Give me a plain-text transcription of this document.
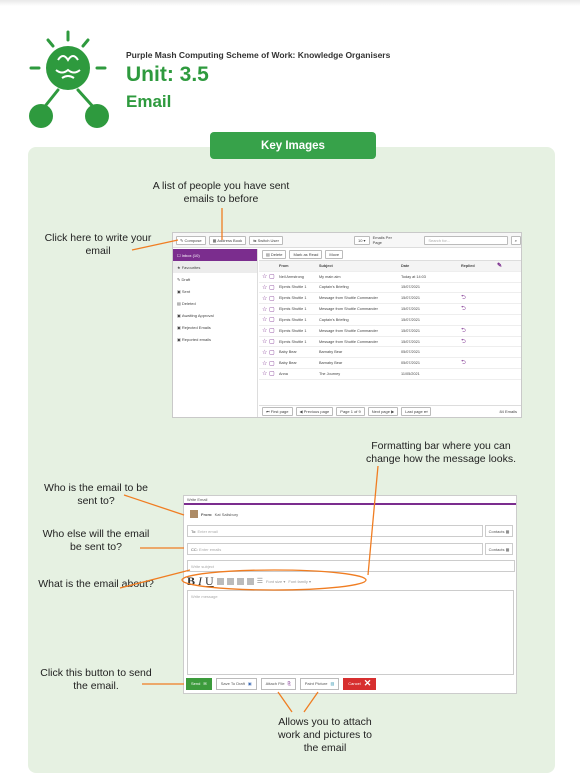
Purple Mash Computing Scheme of Work: Knowledge Organisers
Unit: 3.5
Email
Key Images
A list of people you have sent emails to before
Click here to write your email
Formatting bar where you can change how the message looks.
Who is the email to be sent to?
Who else will the email be sent to?
What is the email about?
Click this button to send the email.
Allows you to attach work and pictures to the email
✎ Compose	▦ Address Book	⇆ Switch User	10 ▾	Emails Per Page	Search for...	⌕
☐ Inbox (10)
★ Favourites
✎ Draft
▣ Sent
▤ Deleted
▣ Awaiting Approval
▣ Rejected Emails
▣ Reported emails
▤ Delete	Mark as Read	Move
From	Subject	Date	Replied	✎
☆ ▢	Neil Armstrong	My main aim	Today at 14:03
☆ ▢	Elpmis Shuttle 1	Captain's Briefing	15/07/2021
☆ ▢	Elpmis Shuttle 1	Message from Shuttle Commander	15/07/2021	⮌
☆ ▢	Elpmis Shuttle 1	Message from Shuttle Commander	15/07/2021	⮌
☆ ▢	Elpmis Shuttle 1	Captain's Briefing	15/07/2021
☆ ▢	Elpmis Shuttle 1	Message from Shuttle Commander	15/07/2021	⮌
☆ ▢	Elpmis Shuttle 1	Message from Shuttle Commander	15/07/2021	⮌
☆ ▢	Baby Bear	Barnaby Bear	05/07/2021
☆ ▢	Baby Bear	Barnaby Bear	05/07/2021	⮌
☆ ▢	Anna	The Journey	11/05/2021
⏮ First page	◀ Previous page	Page 1 of 9	Next page ▶	Last page ⏭	84 Emails
Write Email
From:
Kat Salisbury
To:
Enter email	Contacts ▦
CC:
Enter emails	Contacts ▦
Write subject
B I U	☰ Font size ▾ Font family ▾
Write message
Send ✉	Save To Draft ▣	Attach File ⎘	Paint Picture ▨	Cancel ✕
